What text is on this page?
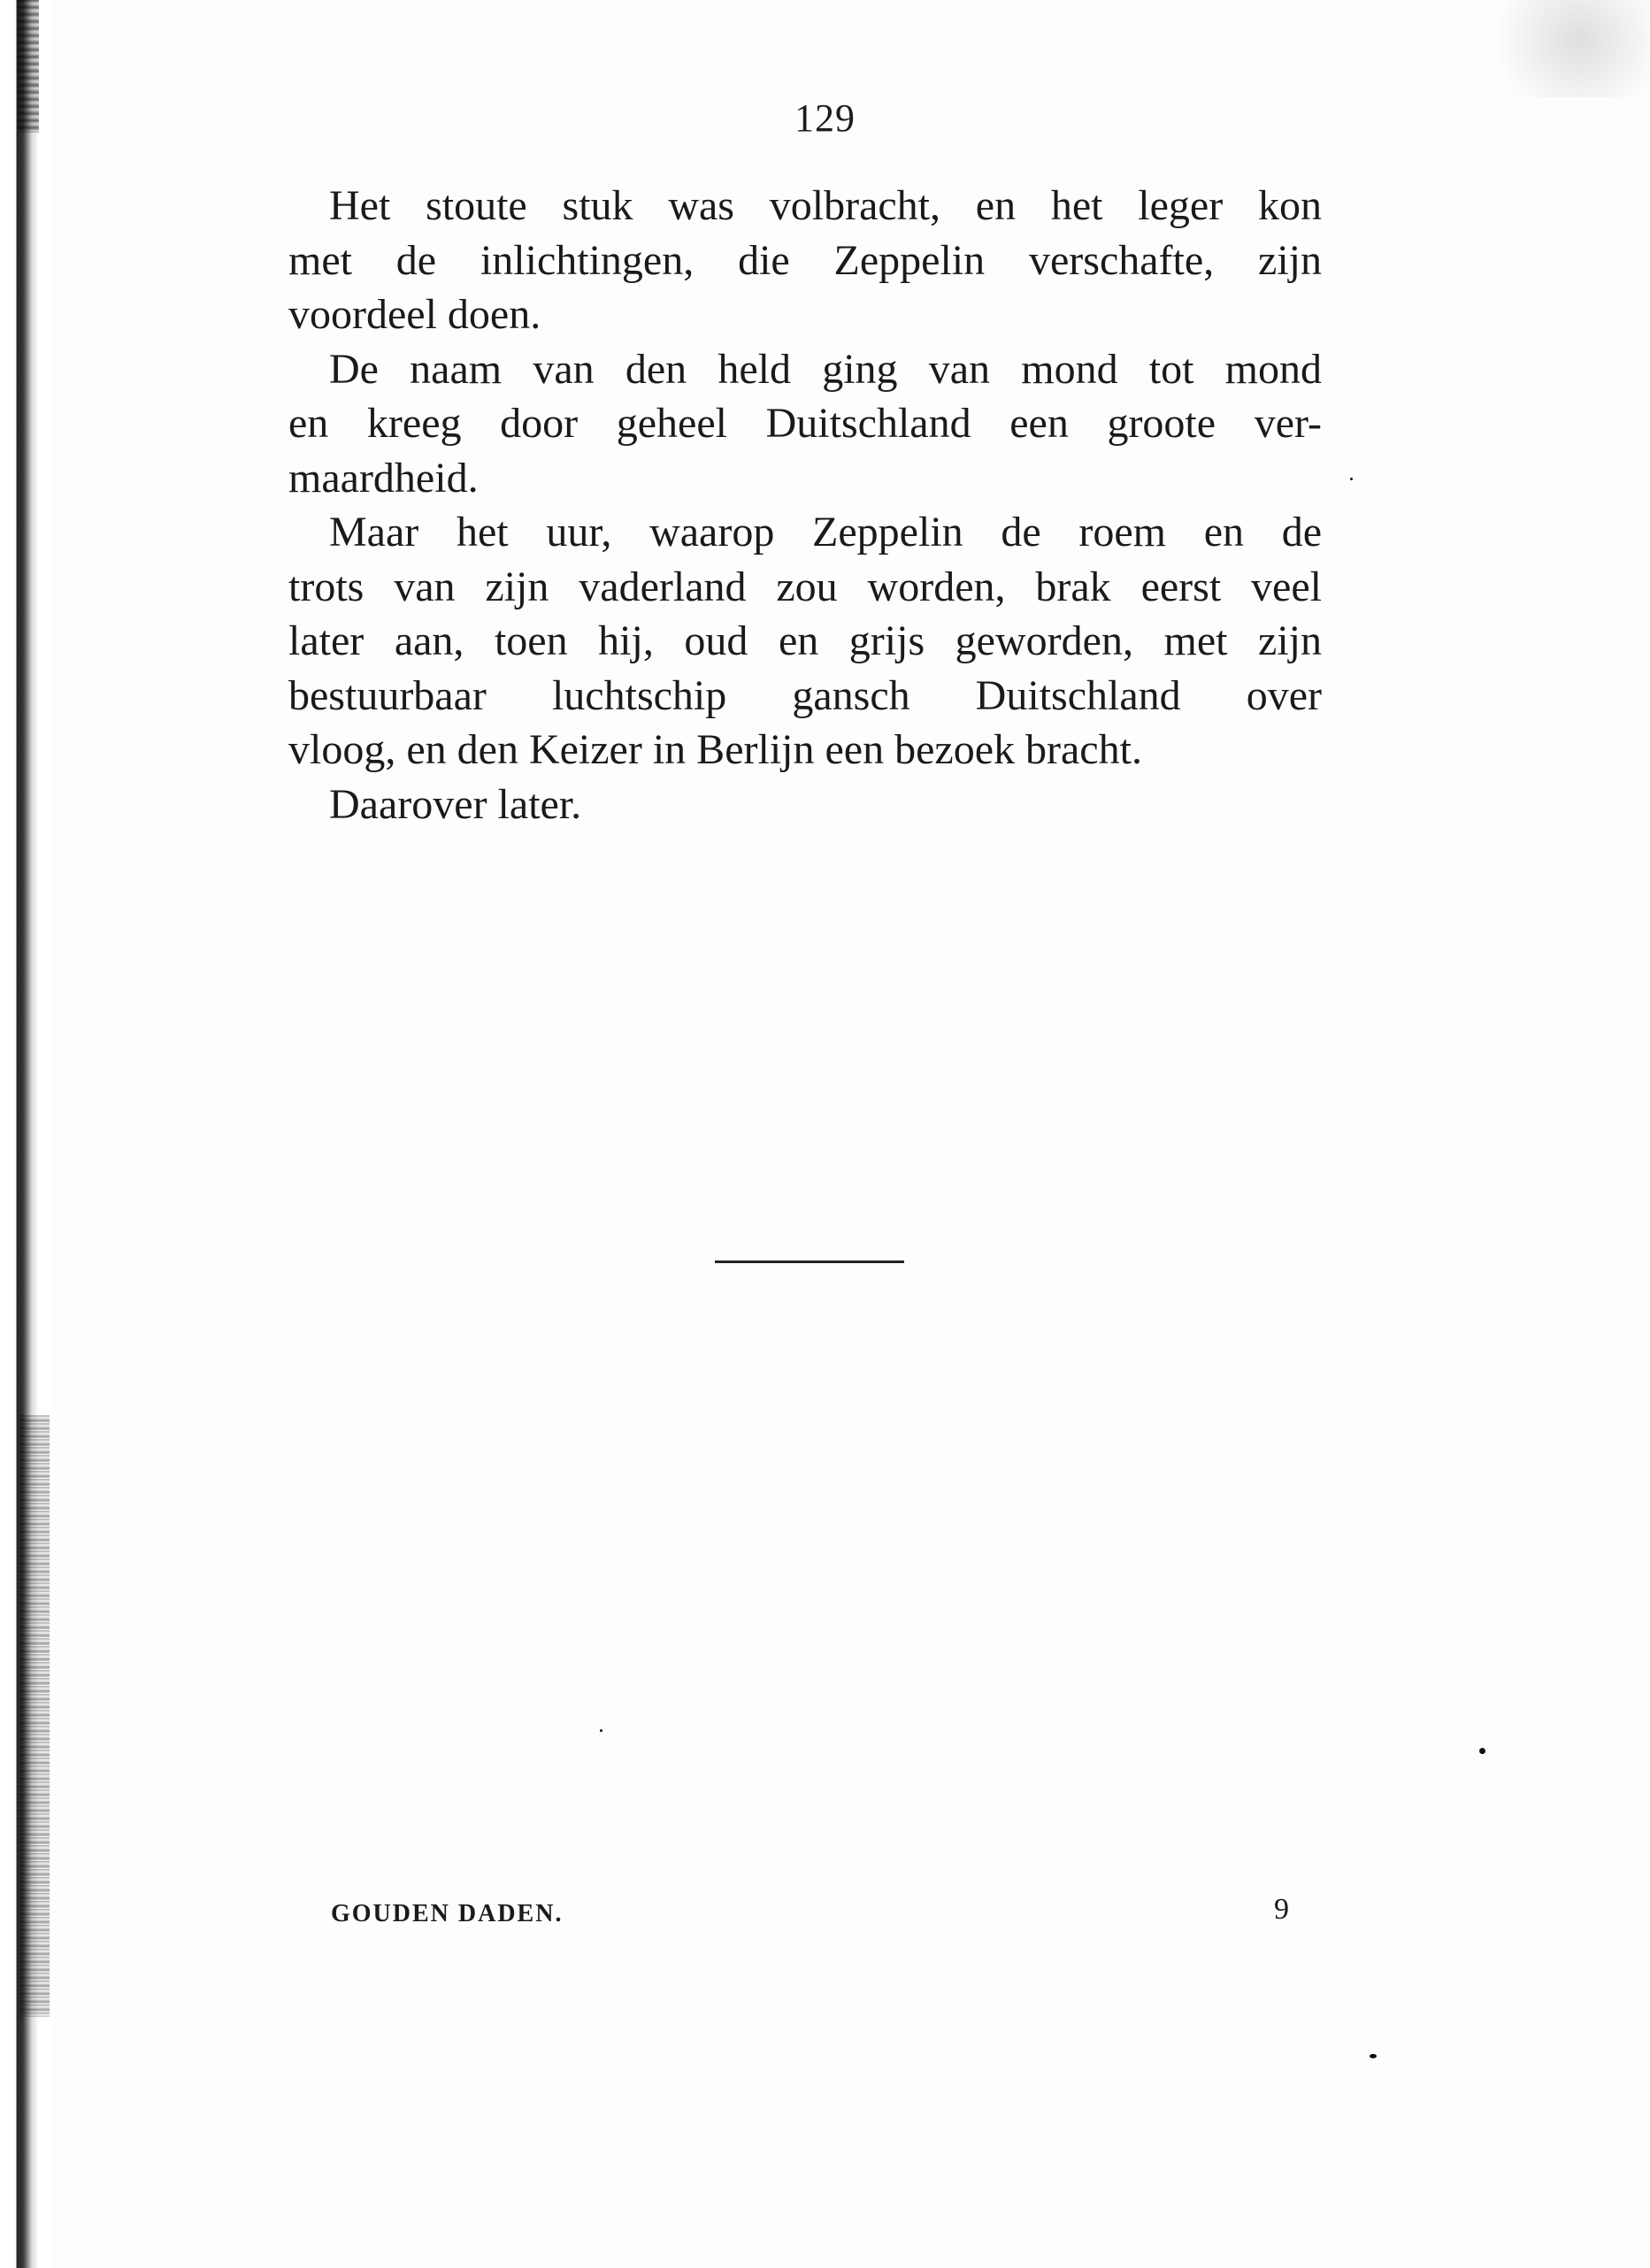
129
Het stoute stuk was volbracht, en het leger kon
met de inlichtingen, die Zeppelin verschafte, zijn
voordeel doen.
De naam van den held ging van mond tot mond
en kreeg door geheel Duitschland een groote ver-
maardheid.
Maar het uur, waarop Zeppelin de roem en de
trots van zijn vaderland zou worden, brak eerst veel
later aan, toen hij, oud en grijs geworden, met zijn
bestuurbaar luchtschip gansch Duitschland over
vloog, en den Keizer in Berlijn een bezoek bracht.
Daarover later.
GOUDEN DADEN.	9
